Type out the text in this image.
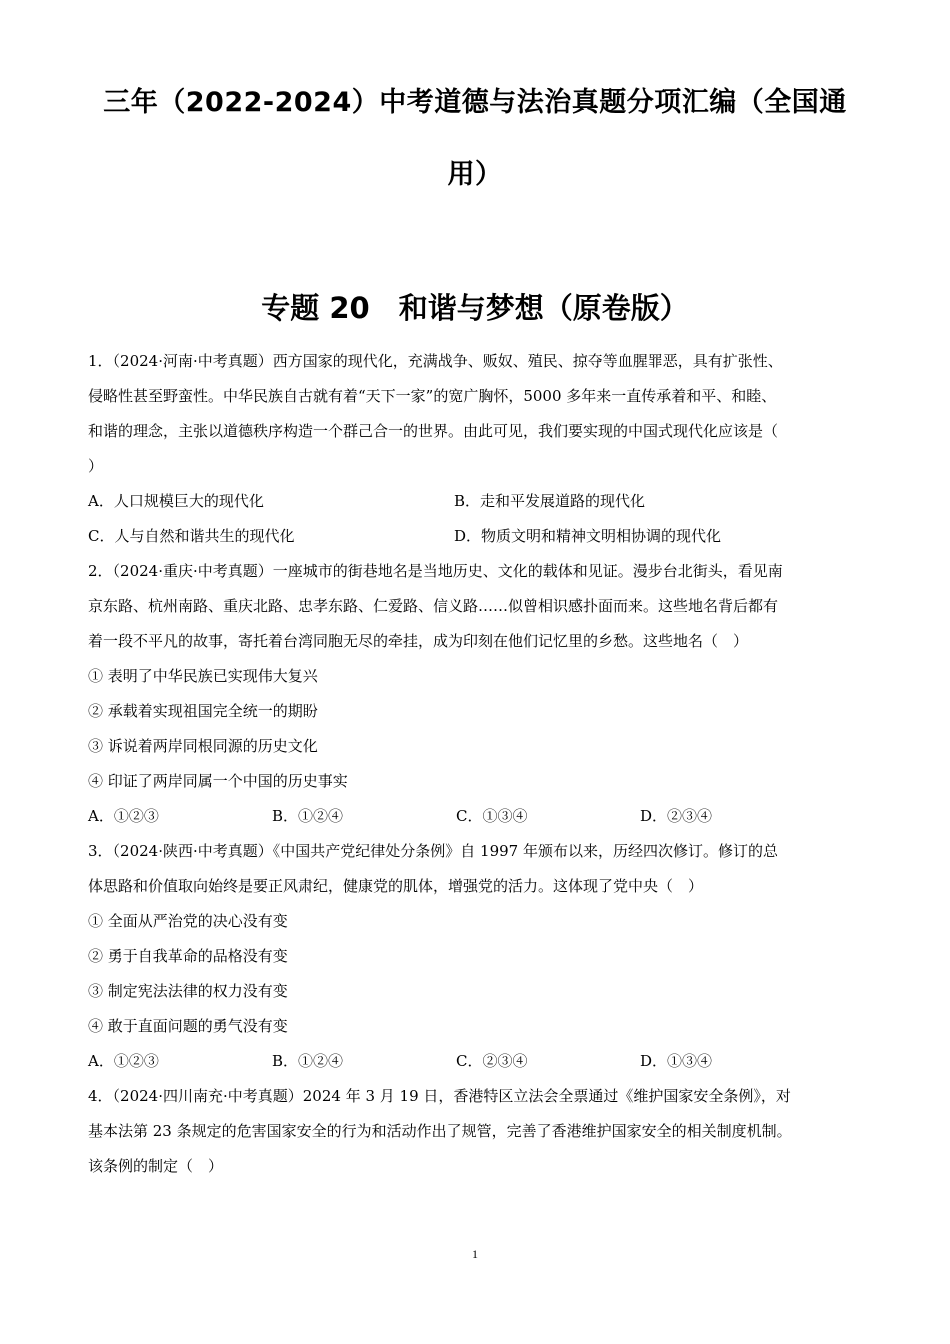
三年（2022-2024）中考道德与法治真题分项汇编（全国通
用）
专题 20　和谐与梦想（原卷版）

1．（2024·河南·中考真题）西方国家的现代化，充满战争、贩奴、殖民、掠夺等血腥罪恶，具有扩张性、

侵略性甚至野蛮性。中华民族自古就有着“天下一家”的宽广胸怀，5000 多年来一直传承着和平、和睦、

和谐的理念，主张以道德秩序构造一个群己合一的世界。由此可见，我们要实现的中国式现代化应该是（

）

A．人口规模巨大的现代化	B．走和平发展道路的现代化
C．人与自然和谐共生的现代化	D．物质文明和精神文明相协调的现代化

2．（2024·重庆·中考真题）一座城市的街巷地名是当地历史、文化的载体和见证。漫步台北街头，看见南

京东路、杭州南路、重庆北路、忠孝东路、仁爱路、信义路……似曾相识感扑面而来。这些地名背后都有

着一段不平凡的故事，寄托着台湾同胞无尽的牵挂，成为印刻在他们记忆里的乡愁。这些地名（　）

① 表明了中华民族已实现伟大复兴

② 承载着实现祖国完全统一的期盼

③ 诉说着两岸同根同源的历史文化

④ 印证了两岸同属一个中国的历史事实

A．①②③	B．①②④	C．①③④	D．②③④

3．（2024·陕西·中考真题）《中国共产党纪律处分条例》自 1997 年颁布以来，历经四次修订。修订的总

体思路和价值取向始终是要正风肃纪，健康党的肌体，增强党的活力。这体现了党中央（　）

① 全面从严治党的决心没有变

② 勇于自我革命的品格没有变

③ 制定宪法法律的权力没有变

④ 敢于直面问题的勇气没有变

A．①②③	B．①②④	C．②③④	D．①③④

4．（2024·四川南充·中考真题）2024 年 3 月 19 日，香港特区立法会全票通过《维护国家安全条例》，对

基本法第 23 条规定的危害国家安全的行为和活动作出了规管，完善了香港维护国家安全的相关制度机制。

该条例的制定（　）

1
